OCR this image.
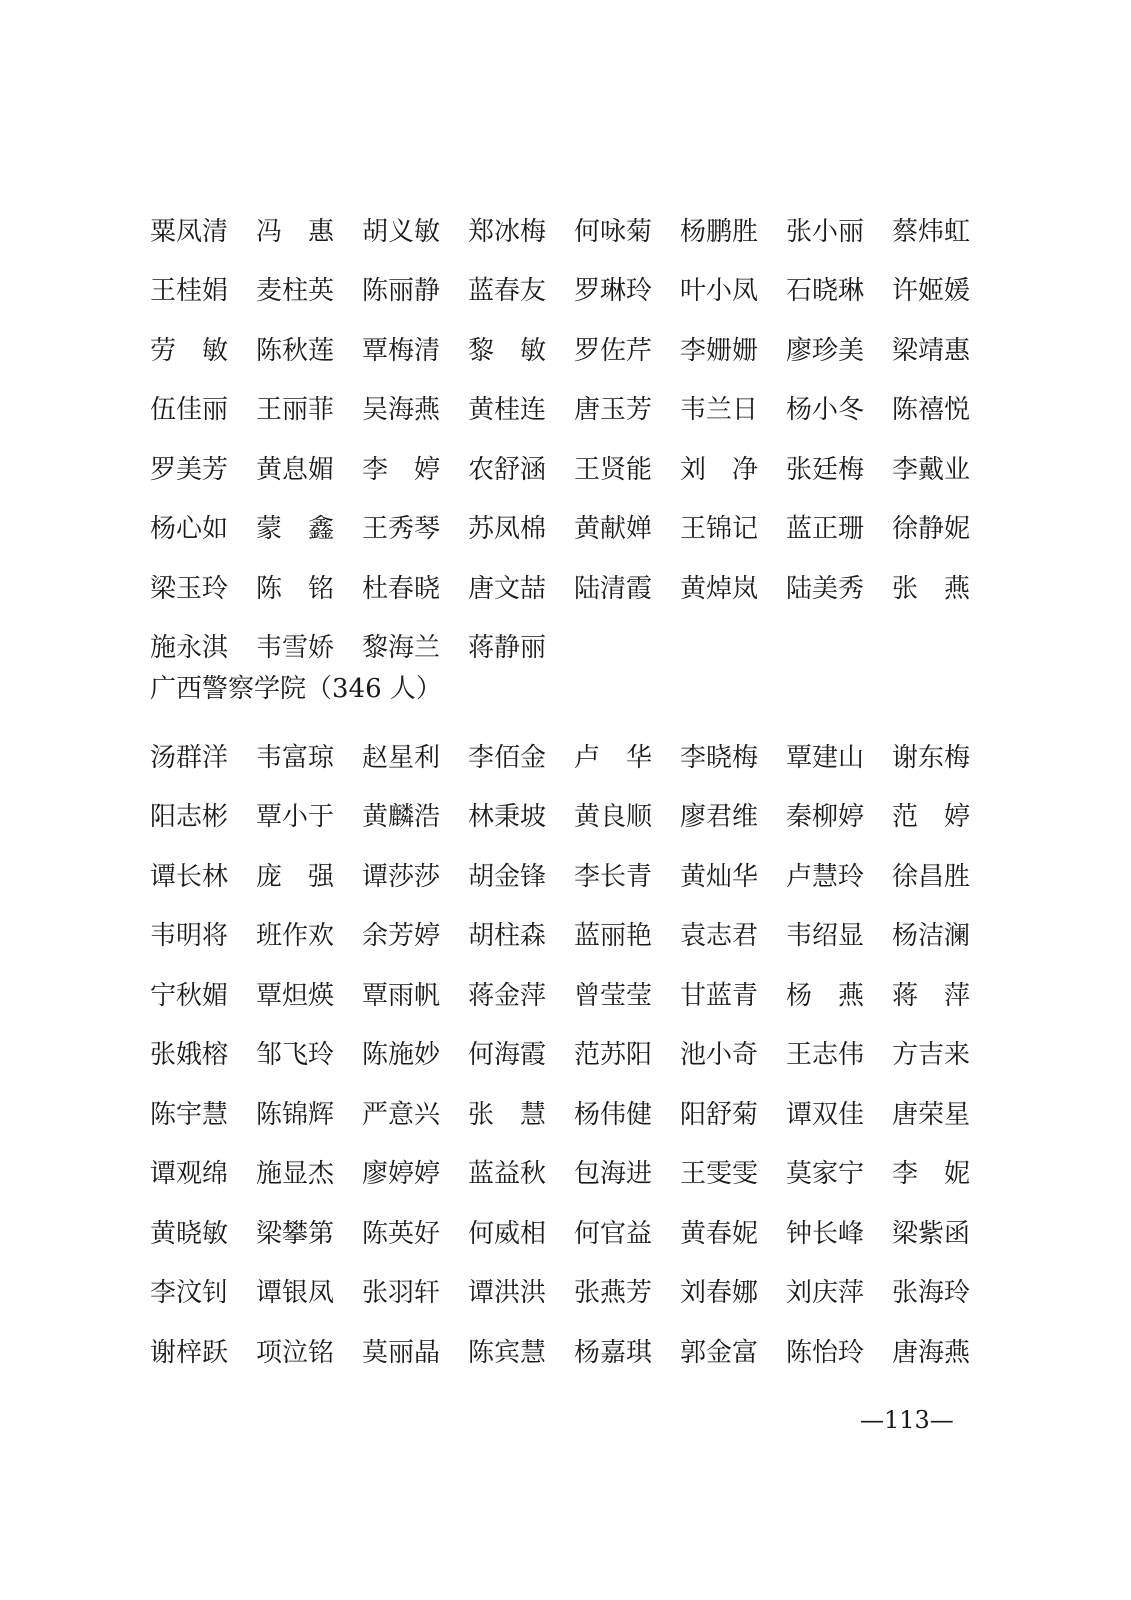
粟凤清 冯　惠 胡义敏 郑冰梅 何咏菊 杨鹏胜 张小丽 蔡炜虹
王桂娟 麦柱英 陈丽静 蓝春友 罗琳玲 叶小凤 石晓琳 许姬媛
劳　敏 陈秋莲 覃梅清 黎　敏 罗佐芹 李姗姗 廖珍美 梁靖惠
伍佳丽 王丽菲 吴海燕 黄桂连 唐玉芳 韦兰日 杨小冬 陈禧悦
罗美芳 黄息媚 李　婷 农舒涵 王贤能 刘　净 张廷梅 李戴业
杨心如 蒙　鑫 王秀琴 苏凤棉 黄献婵 王锦记 蓝正珊 徐静妮
梁玉玲 陈　铭 杜春晓 唐文喆 陆清霞 黄焯岚 陆美秀 张　燕
施永淇 韦雪娇 黎海兰 蒋静丽
广西警察学院（346 人）
汤群洋 韦富琼 赵星利 李佰金 卢　华 李晓梅 覃建山 谢东梅
阳志彬 覃小于 黄麟浩 林秉坡 黄良顺 廖君维 秦柳婷 范　婷
谭长林 庞　强 谭莎莎 胡金锋 李长青 黄灿华 卢慧玲 徐昌胜
韦明将 班作欢 余芳婷 胡柱森 蓝丽艳 袁志君 韦绍显 杨洁澜
宁秋媚 覃炟煐 覃雨帆 蒋金萍 曾莹莹 甘蓝青 杨　燕 蒋　萍
张娥榕 邹飞玲 陈施妙 何海霞 范苏阳 池小奇 王志伟 方吉来
陈宇慧 陈锦辉 严意兴 张　慧 杨伟健 阳舒菊 谭双佳 唐荣星
谭观绵 施显杰 廖婷婷 蓝益秋 包海进 王雯雯 莫家宁 李　妮
黄晓敏 梁攀第 陈英好 何威相 何官益 黄春妮 钟长峰 梁紫函
李汶钊 谭银凤 张羽轩 谭洪洪 张燕芳 刘春娜 刘庆萍 张海玲
谢梓跃 项泣铭 莫丽晶 陈宾慧 杨嘉琪 郭金富 陈怡玲 唐海燕
—113—
